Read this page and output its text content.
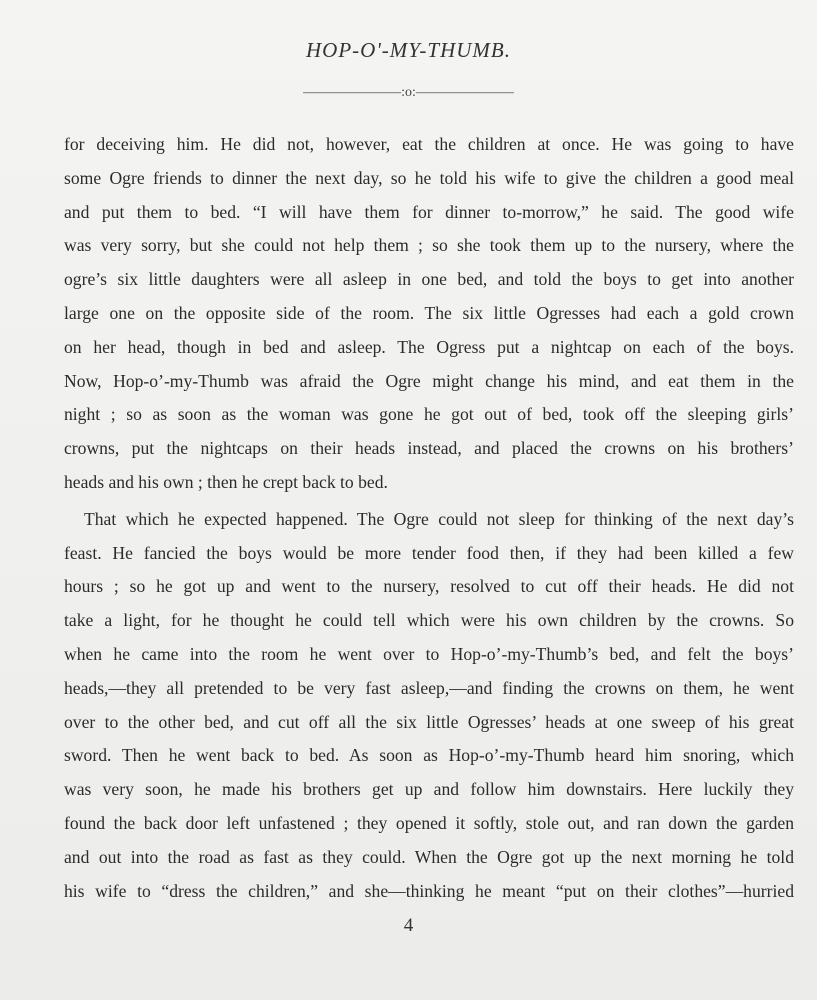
HOP-O'-MY-THUMB.
———————:o:———————

for deceiving him. He did not, however, eat the children at once. He was going to have

some Ogre friends to dinner the next day, so he told his wife to give the children a good meal

and put them to bed. “I will have them for dinner to-morrow,” he said. The good wife

was very sorry, but she could not help them ; so she took them up to the nursery, where the

ogre’s six little daughters were all asleep in one bed, and told the boys to get into another

large one on the opposite side of the room. The six little Ogresses had each a gold crown

on her head, though in bed and asleep. The Ogress put a nightcap on each of the boys.

Now, Hop-o’-my-Thumb was afraid the Ogre might change his mind, and eat them in the

night ; so as soon as the woman was gone he got out of bed, took off the sleeping girls’

crowns, put the nightcaps on their heads instead, and placed the crowns on his brothers’

heads and his own ; then he crept back to bed.

That which he expected happened. The Ogre could not sleep for thinking of the next day’s

feast. He fancied the boys would be more tender food then, if they had been killed a few

hours ; so he got up and went to the nursery, resolved to cut off their heads. He did not

take a light, for he thought he could tell which were his own children by the crowns. So

when he came into the room he went over to Hop-o’-my-Thumb’s bed, and felt the boys’

heads,—they all pretended to be very fast asleep,—and finding the crowns on them, he went

over to the other bed, and cut off all the six little Ogresses’ heads at one sweep of his great

sword. Then he went back to bed. As soon as Hop-o’-my-Thumb heard him snoring, which

was very soon, he made his brothers get up and follow him downstairs. Here luckily they

found the back door left unfastened ; they opened it softly, stole out, and ran down the garden

and out into the road as fast as they could. When the Ogre got up the next morning he told

his wife to “dress the children,” and she—thinking he meant “put on their clothes”—hurried

4
